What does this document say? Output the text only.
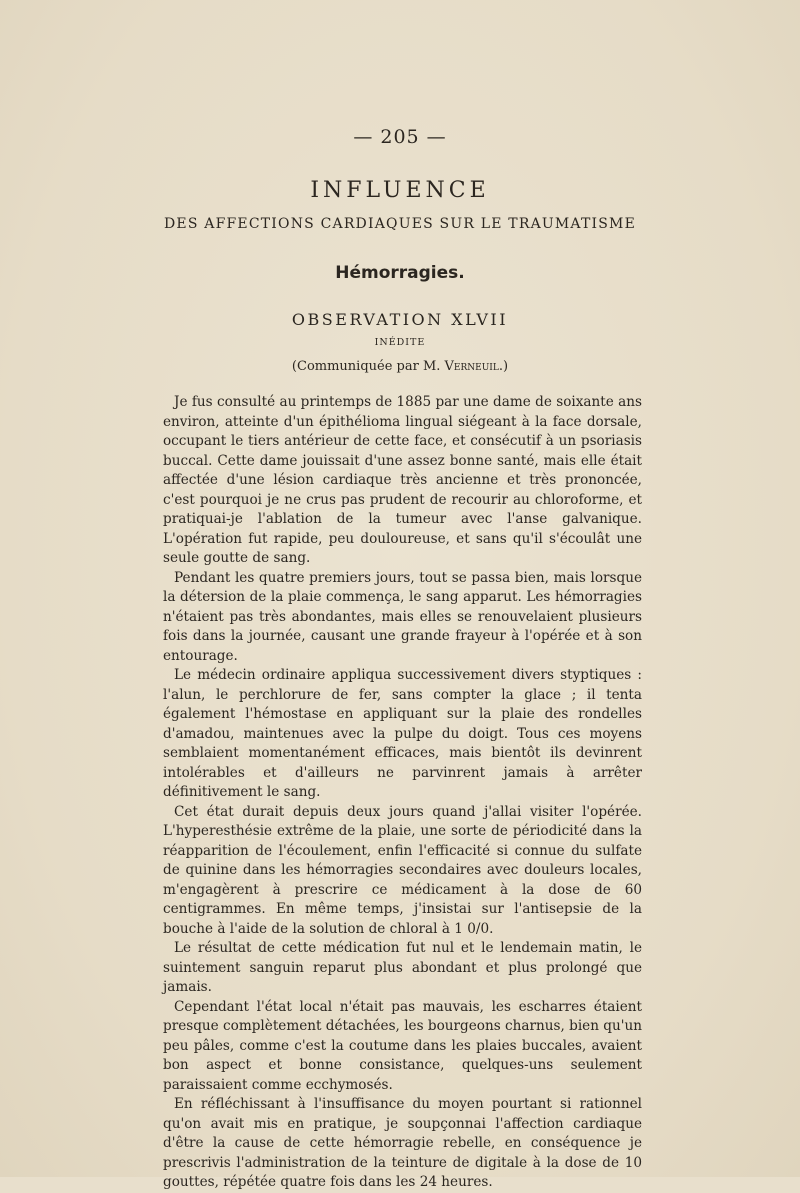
— 205 —
INFLUENCE
DES AFFECTIONS CARDIAQUES SUR LE TRAUMATISME
Hémorragies.
OBSERVATION XLVII
INÉDITE
(Communiquée par M. Verneuil.)

Je fus consulté au printemps de 1885 par une dame de soixante ans environ, atteinte d'un épithélioma lingual siégeant à la face dorsale, occupant le tiers antérieur de cette face, et consécutif à un psoriasis buccal. Cette dame jouissait d'une assez bonne santé, mais elle était affectée d'une lésion cardiaque très ancienne et très prononcée, c'est pourquoi je ne crus pas prudent de recourir au chloroforme, et pratiquai-je l'ablation de la tumeur avec l'anse galvanique. L'opération fut rapide, peu douloureuse, et sans qu'il s'écoulât une seule goutte de sang.

Pendant les quatre premiers jours, tout se passa bien, mais lorsque la détersion de la plaie commença, le sang apparut. Les hémorragies n'étaient pas très abondantes, mais elles se renouvelaient plusieurs fois dans la journée, causant une grande frayeur à l'opérée et à son entourage.

Le médecin ordinaire appliqua successivement divers styptiques : l'alun, le perchlorure de fer, sans compter la glace ; il tenta également l'hémostase en appliquant sur la plaie des rondelles d'amadou, maintenues avec la pulpe du doigt. Tous ces moyens semblaient momentanément efficaces, mais bientôt ils devinrent intolérables et d'ailleurs ne parvinrent jamais à arrêter définitivement le sang.

Cet état durait depuis deux jours quand j'allai visiter l'opérée. L'hyperesthésie extrême de la plaie, une sorte de périodicité dans la réapparition de l'écoulement, enfin l'efficacité si connue du sulfate de quinine dans les hémorragies secondaires avec douleurs locales, m'engagèrent à prescrire ce médicament à la dose de 60 centigrammes. En même temps, j'insistai sur l'antisepsie de la bouche à l'aide de la solution de chloral à 1 0/0.

Le résultat de cette médication fut nul et le lendemain matin, le suintement sanguin reparut plus abondant et plus prolongé que jamais.

Cependant l'état local n'était pas mauvais, les escharres étaient presque complètement détachées, les bourgeons charnus, bien qu'un peu pâles, comme c'est la coutume dans les plaies buccales, avaient bon aspect et bonne consistance, quelques-uns seulement paraissaient comme ecchymosés.

En réfléchissant à l'insuffisance du moyen pourtant si rationnel qu'on avait mis en pratique, je soupçonnai l'affection cardiaque d'être la cause de cette hémorragie rebelle, en conséquence je prescrivis l'administration de la teinture de digitale à la dose de 10 gouttes, répétée quatre fois dans les 24 heures.
